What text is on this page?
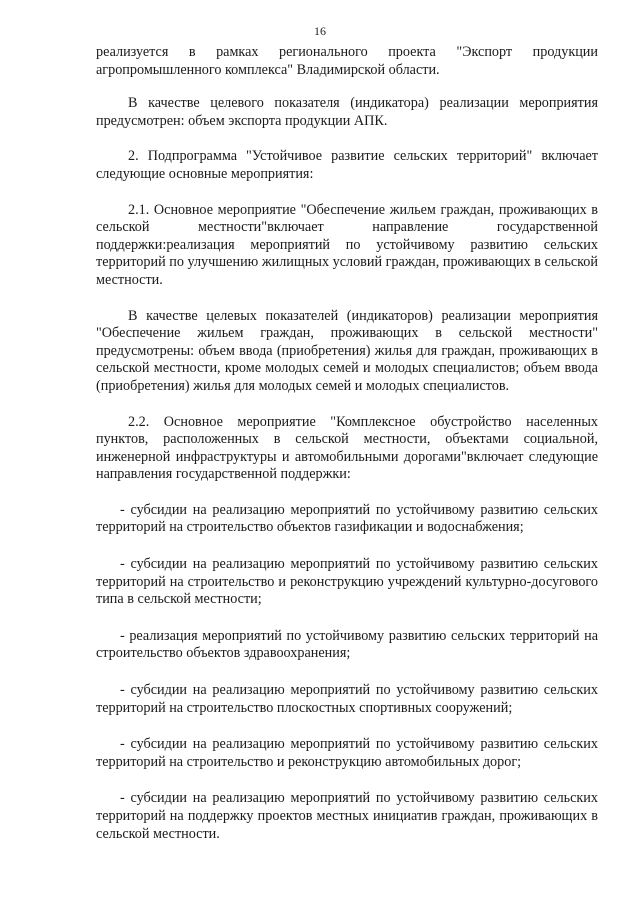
16

реализуется в рамках регионального проекта "Экспорт продукции агропромышленного комплекса" Владимирской области.

В качестве целевого показателя (индикатора) реализации мероприятия предусмотрен: объем экспорта продукции АПК.

2. Подпрограмма "Устойчивое развитие сельских территорий" включает следующие основные мероприятия:

2.1. Основное мероприятие "Обеспечение жильем граждан, проживающих в сельской местности"включает направление государственной поддержки:реализация мероприятий по устойчивому развитию сельских территорий по улучшению жилищных условий граждан, проживающих в сельской местности.

В качестве целевых показателей (индикаторов) реализации мероприятия "Обеспечение жильем граждан, проживающих в сельской местности" предусмотрены: объем ввода (приобретения) жилья для граждан, проживающих в сельской местности, кроме молодых семей и молодых специалистов; объем ввода (приобретения) жилья для молодых семей и молодых специалистов.

2.2. Основное мероприятие "Комплексное обустройство населенных пунктов, расположенных в сельской местности, объектами социальной, инженерной инфраструктуры и автомобильными дорогами"включает следующие направления государственной поддержки:

- субсидии на реализацию мероприятий по устойчивому развитию сельских территорий на строительство объектов газификации и водоснабжения;

- субсидии на реализацию мероприятий по устойчивому развитию сельских территорий на строительство и реконструкцию учреждений культурно-досугового типа в сельской местности;

- реализация мероприятий по устойчивому развитию сельских территорий на строительство объектов здравоохранения;

- субсидии на реализацию мероприятий по устойчивому развитию сельских территорий на строительство плоскостных спортивных сооружений;

- субсидии на реализацию мероприятий по устойчивому развитию сельских территорий на строительство и реконструкцию автомобильных дорог;

- субсидии на реализацию мероприятий по устойчивому развитию сельских территорий на поддержку проектов местных инициатив граждан, проживающих в сельской местности.
